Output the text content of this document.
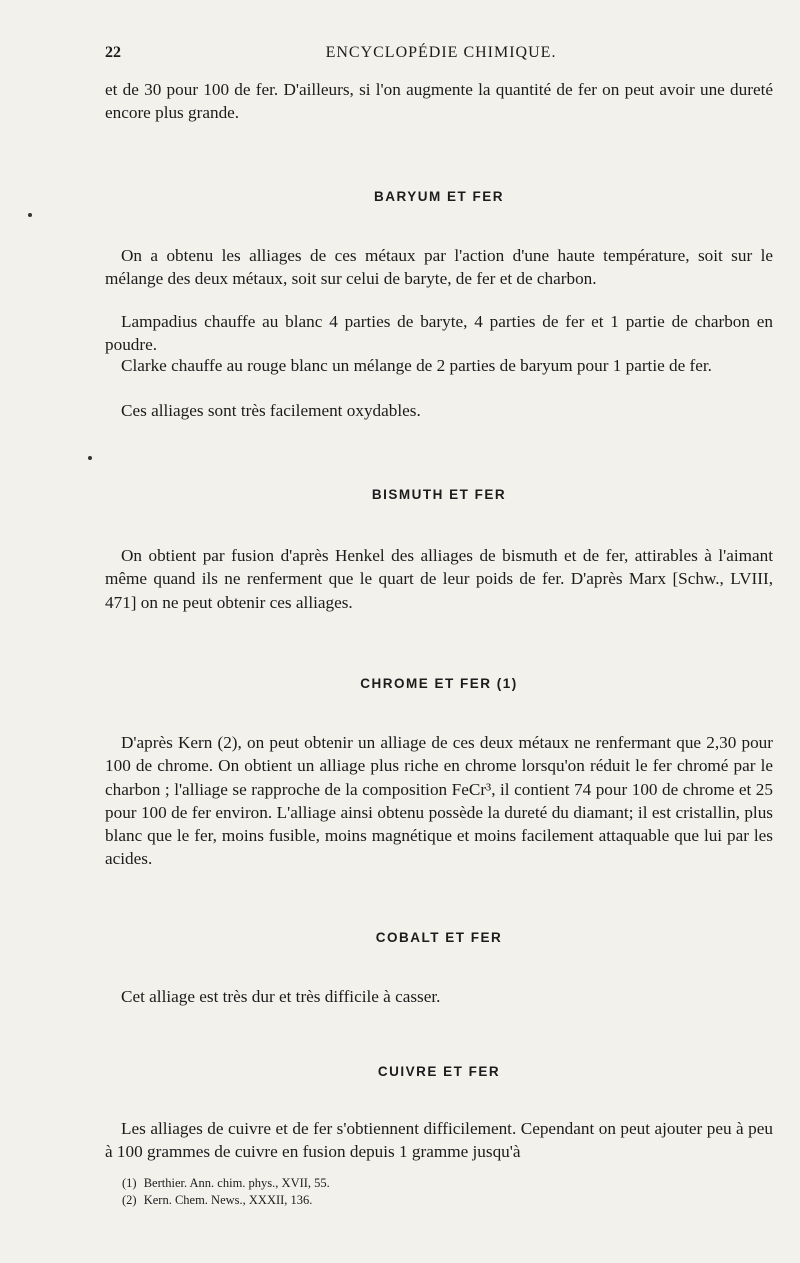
22	ENCYCLOPÉDIE CHIMIQUE.

et de 30 pour 100 de fer. D'ailleurs, si l'on augmente la quantité de fer on peut avoir une dureté encore plus grande.

BARYUM ET FER

On a obtenu les alliages de ces métaux par l'action d'une haute température, soit sur le mélange des deux métaux, soit sur celui de baryte, de fer et de charbon.

Lampadius chauffe au blanc 4 parties de baryte, 4 parties de fer et 1 partie de charbon en poudre.

Clarke chauffe au rouge blanc un mélange de 2 parties de baryum pour 1 partie de fer.

Ces alliages sont très facilement oxydables.

BISMUTH ET FER

On obtient par fusion d'après Henkel des alliages de bismuth et de fer, attirables à l'aimant même quand ils ne renferment que le quart de leur poids de fer. D'après Marx [Schw., LVIII, 471] on ne peut obtenir ces alliages.

CHROME ET FER (1)

D'après Kern (2), on peut obtenir un alliage de ces deux métaux ne renfermant que 2,30 pour 100 de chrome. On obtient un alliage plus riche en chrome lorsqu'on réduit le fer chromé par le charbon ; l'alliage se rapproche de la composition FeCr³, il contient 74 pour 100 de chrome et 25 pour 100 de fer environ. L'alliage ainsi obtenu possède la dureté du diamant; il est cristallin, plus blanc que le fer, moins fusible, moins magnétique et moins facilement attaquable que lui par les acides.

COBALT ET FER

Cet alliage est très dur et très difficile à casser.

CUIVRE ET FER

Les alliages de cuivre et de fer s'obtiennent difficilement. Cependant on peut ajouter peu à peu à 100 grammes de cuivre en fusion depuis 1 gramme jusqu'à

(1) Berthier. Ann. chim. phys., XVII, 55.
(2) Kern. Chem. News., XXXII, 136.
